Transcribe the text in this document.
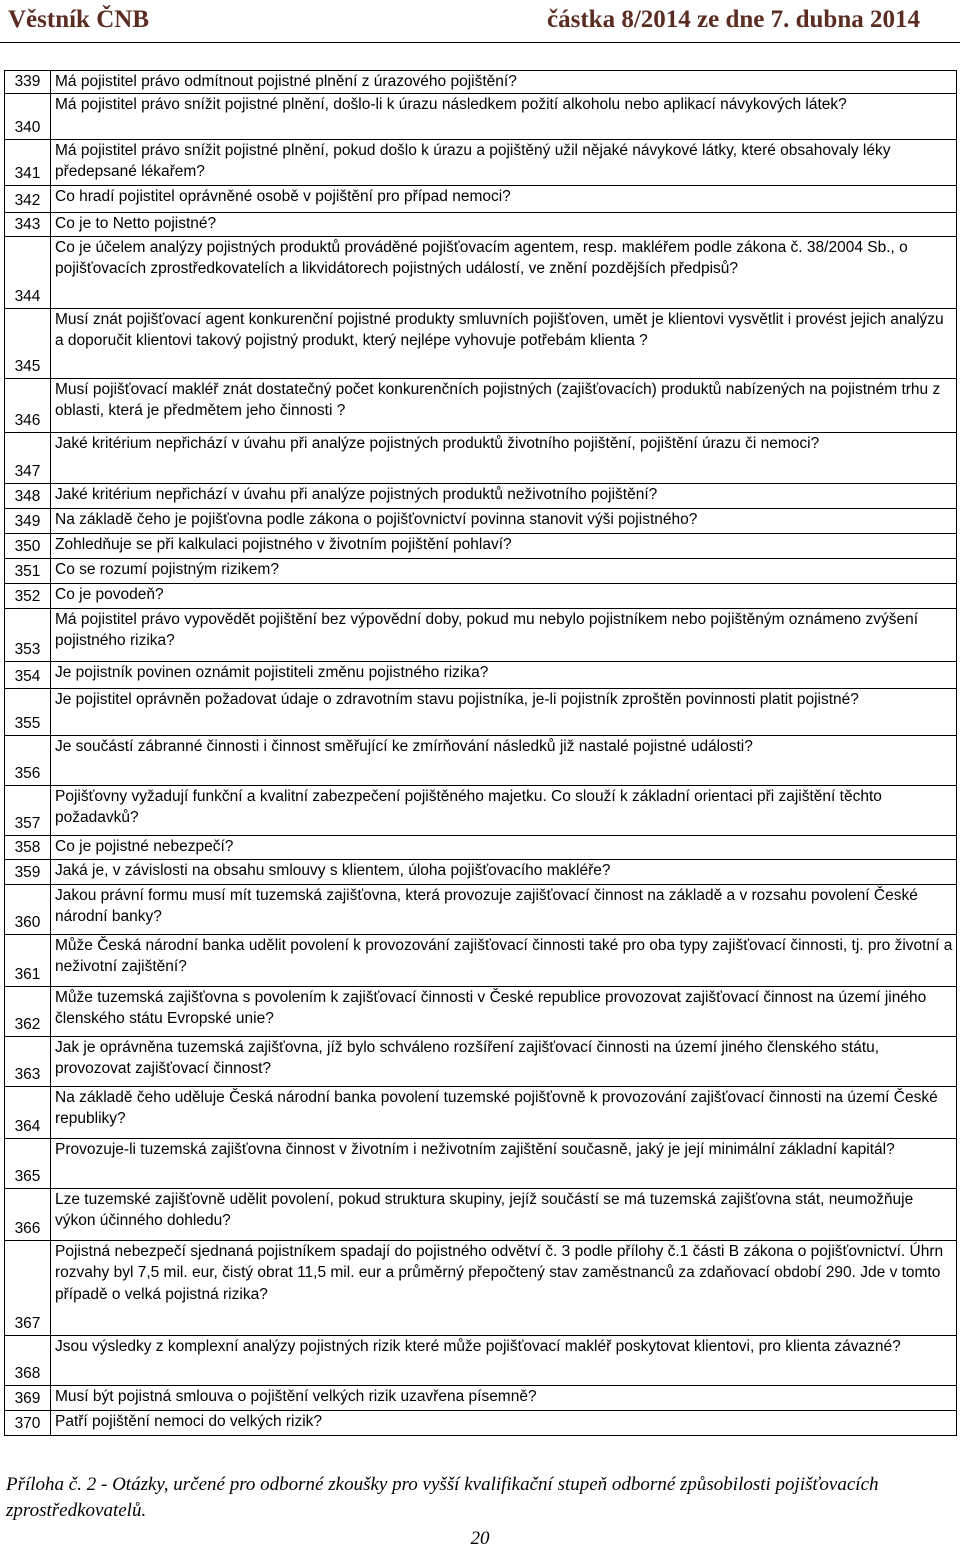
Věstník ČNB	částka 8/2014 ze dne 7. dubna 2014
339	Má pojistitel právo odmítnout pojistné plnění z úrazového pojištění?
340	Má pojistitel právo snížit pojistné plnění, došlo-li k úrazu následkem požití alkoholu nebo aplikací návykových látek?
341	Má pojistitel právo snížit pojistné plnění, pokud došlo k úrazu a pojištěný užil nějaké návykové látky, které obsahovaly léky předepsané lékařem?
342	Co hradí pojistitel oprávněné osobě v pojištění pro případ nemoci?
343	Co je to Netto pojistné?
344	Co je účelem analýzy pojistných produktů prováděné pojišťovacím agentem, resp. makléřem podle zákona č. 38/2004 Sb., o pojišťovacích zprostředkovatelích a likvidátorech pojistných událostí, ve znění pozdějších předpisů?
345	Musí znát pojišťovací agent konkurenční pojistné produkty smluvních pojišťoven, umět je klientovi vysvětlit i provést jejich analýzu a doporučit klientovi takový pojistný produkt, který nejlépe vyhovuje potřebám klienta ?
346	Musí pojišťovací makléř znát dostatečný počet konkurenčních pojistných (zajišťovacích) produktů nabízených na pojistném trhu z oblasti, která je předmětem jeho činnosti ?
347	Jaké kritérium nepřichází v úvahu při analýze pojistných produktů životního pojištění, pojištění úrazu či nemoci?
348	Jaké kritérium nepřichází v úvahu při analýze pojistných produktů neživotního pojištění?
349	Na základě čeho je pojišťovna podle zákona o pojišťovnictví povinna stanovit výši pojistného?
350	Zohledňuje se při kalkulaci pojistného v životním pojištění pohlaví?
351	Co se rozumí pojistným rizikem?
352	Co je povodeň?
353	Má pojistitel právo vypovědět pojištění bez výpovědní doby, pokud mu nebylo pojistníkem nebo pojištěným oznámeno zvýšení pojistného rizika?
354	Je pojistník povinen oznámit pojistiteli změnu pojistného rizika?
355	Je pojistitel oprávněn požadovat údaje o zdravotním stavu pojistníka, je-li pojistník zproštěn povinnosti platit pojistné?
356	Je součástí zábranné činnosti i činnost směřující ke zmírňování následků již nastalé pojistné události?
357	Pojišťovny vyžadují funkční a kvalitní zabezpečení pojištěného majetku. Co slouží k základní orientaci při zajištění těchto požadavků?
358	Co je pojistné nebezpečí?
359	Jaká je, v závislosti na obsahu smlouvy s klientem, úloha pojišťovacího makléře?
360	Jakou právní formu musí mít tuzemská zajišťovna, která provozuje zajišťovací činnost na základě a v rozsahu povolení České národní banky?
361	Může Česká národní banka udělit povolení k provozování zajišťovací činnosti také pro oba typy zajišťovací činnosti, tj. pro životní a neživotní zajištění?
362	Může tuzemská zajišťovna s povolením k zajišťovací činnosti v České republice provozovat zajišťovací činnost na území jiného členského státu Evropské unie?
363	Jak je oprávněna tuzemská zajišťovna, jíž bylo schváleno rozšíření zajišťovací činnosti na území jiného členského státu, provozovat zajišťovací činnost?
364	Na základě čeho uděluje Česká národní banka povolení tuzemské pojišťovně k provozování zajišťovací činnosti na území České republiky?
365	Provozuje-li tuzemská zajišťovna činnost v životním i neživotním zajištění současně, jaký je její minimální základní kapitál?
366	Lze tuzemské zajišťovně udělit povolení, pokud struktura skupiny, jejíž součástí se má tuzemská zajišťovna stát, neumožňuje výkon účinného dohledu?
367	Pojistná nebezpečí sjednaná pojistníkem spadají do pojistného odvětví č. 3 podle přílohy č.1 části B zákona o pojišťovnictví. Úhrn rozvahy byl 7,5 mil. eur, čistý obrat 11,5 mil. eur a průměrný přepočtený stav zaměstnanců za zdaňovací období 290. Jde v tomto případě o velká pojistná rizika?
368	Jsou výsledky z komplexní analýzy pojistných rizik které může pojišťovací makléř poskytovat klientovi, pro klienta závazné?
369	Musí být pojistná smlouva o pojištění velkých rizik uzavřena písemně?
370	Patří pojištění nemoci do velkých rizik?
Příloha č. 2 - Otázky, určené pro odborné zkoušky pro vyšší kvalifikační stupeň odborné způsobilosti pojišťovacích zprostředkovatelů.
20
